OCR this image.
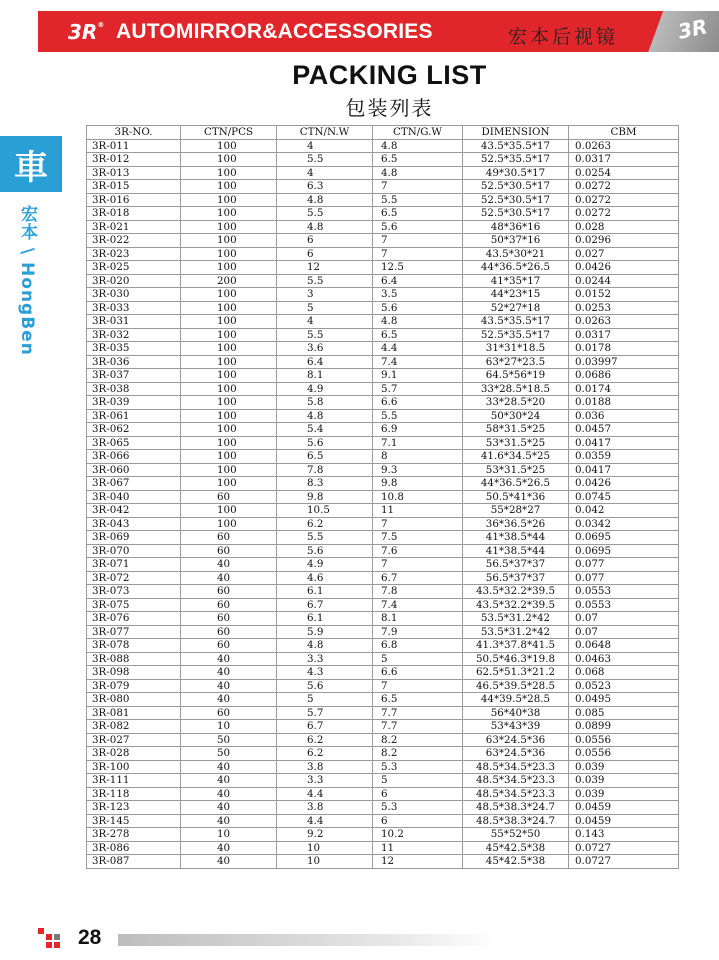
3R® AUTOMIRROR&ACCESSORIES	宏本后视镜	3R
PACKING LIST
包装列表
車
宏本 \ HongBen
3R-NO.	CTN/PCS	CTN/N.W	CTN/G.W	DIMENSION	CBM
3R-011	100	4	4.8	43.5*35.5*17	0.0263
3R-012	100	5.5	6.5	52.5*35.5*17	0.0317
3R-013	100	4	4.8	49*30.5*17	0.0254
3R-015	100	6.3	7	52.5*30.5*17	0.0272
3R-016	100	4.8	5.5	52.5*30.5*17	0.0272
3R-018	100	5.5	6.5	52.5*30.5*17	0.0272
3R-021	100	4.8	5.6	48*36*16	0.028
3R-022	100	6	7	50*37*16	0.0296
3R-023	100	6	7	43.5*30*21	0.027
3R-025	100	12	12.5	44*36.5*26.5	0.0426
3R-020	200	5.5	6.4	41*35*17	0.0244
3R-030	100	3	3.5	44*23*15	0.0152
3R-033	100	5	5.6	52*27*18	0.0253
3R-031	100	4	4.8	43.5*35.5*17	0.0263
3R-032	100	5.5	6.5	52.5*35.5*17	0.0317
3R-035	100	3.6	4.4	31*31*18.5	0.0178
3R-036	100	6.4	7.4	63*27*23.5	0.03997
3R-037	100	8.1	9.1	64.5*56*19	0.0686
3R-038	100	4.9	5.7	33*28.5*18.5	0.0174
3R-039	100	5.8	6.6	33*28.5*20	0.0188
3R-061	100	4.8	5.5	50*30*24	0.036
3R-062	100	5.4	6.9	58*31.5*25	0.0457
3R-065	100	5.6	7.1	53*31.5*25	0.0417
3R-066	100	6.5	8	41.6*34.5*25	0.0359
3R-060	100	7.8	9.3	53*31.5*25	0.0417
3R-067	100	8.3	9.8	44*36.5*26.5	0.0426
3R-040	60	9.8	10.8	50.5*41*36	0.0745
3R-042	100	10.5	11	55*28*27	0.042
3R-043	100	6.2	7	36*36.5*26	0.0342
3R-069	60	5.5	7.5	41*38.5*44	0.0695
3R-070	60	5.6	7.6	41*38.5*44	0.0695
3R-071	40	4.9	7	56.5*37*37	0.077
3R-072	40	4.6	6.7	56.5*37*37	0.077
3R-073	60	6.1	7.8	43.5*32.2*39.5	0.0553
3R-075	60	6.7	7.4	43.5*32.2*39.5	0.0553
3R-076	60	6.1	8.1	53.5*31.2*42	0.07
3R-077	60	5.9	7.9	53.5*31.2*42	0.07
3R-078	60	4.8	6.8	41.3*37.8*41.5	0.0648
3R-088	40	3.3	5	50.5*46.3*19.8	0.0463
3R-098	40	4.3	6.6	62.5*51.3*21.2	0.068
3R-079	40	5.6	7	46.5*39.5*28.5	0.0523
3R-080	40	5	6.5	44*39.5*28.5	0.0495
3R-081	60	5.7	7.7	56*40*38	0.085
3R-082	10	6.7	7.7	53*43*39	0.0899
3R-027	50	6.2	8.2	63*24.5*36	0.0556
3R-028	50	6.2	8.2	63*24.5*36	0.0556
3R-100	40	3.8	5.3	48.5*34.5*23.3	0.039
3R-111	40	3.3	5	48.5*34.5*23.3	0.039
3R-118	40	4.4	6	48.5*34.5*23.3	0.039
3R-123	40	3.8	5.3	48.5*38.3*24.7	0.0459
3R-145	40	4.4	6	48.5*38.3*24.7	0.0459
3R-278	10	9.2	10.2	55*52*50	0.143
3R-086	40	10	11	45*42.5*38	0.0727
3R-087	40	10	12	45*42.5*38	0.0727
28
